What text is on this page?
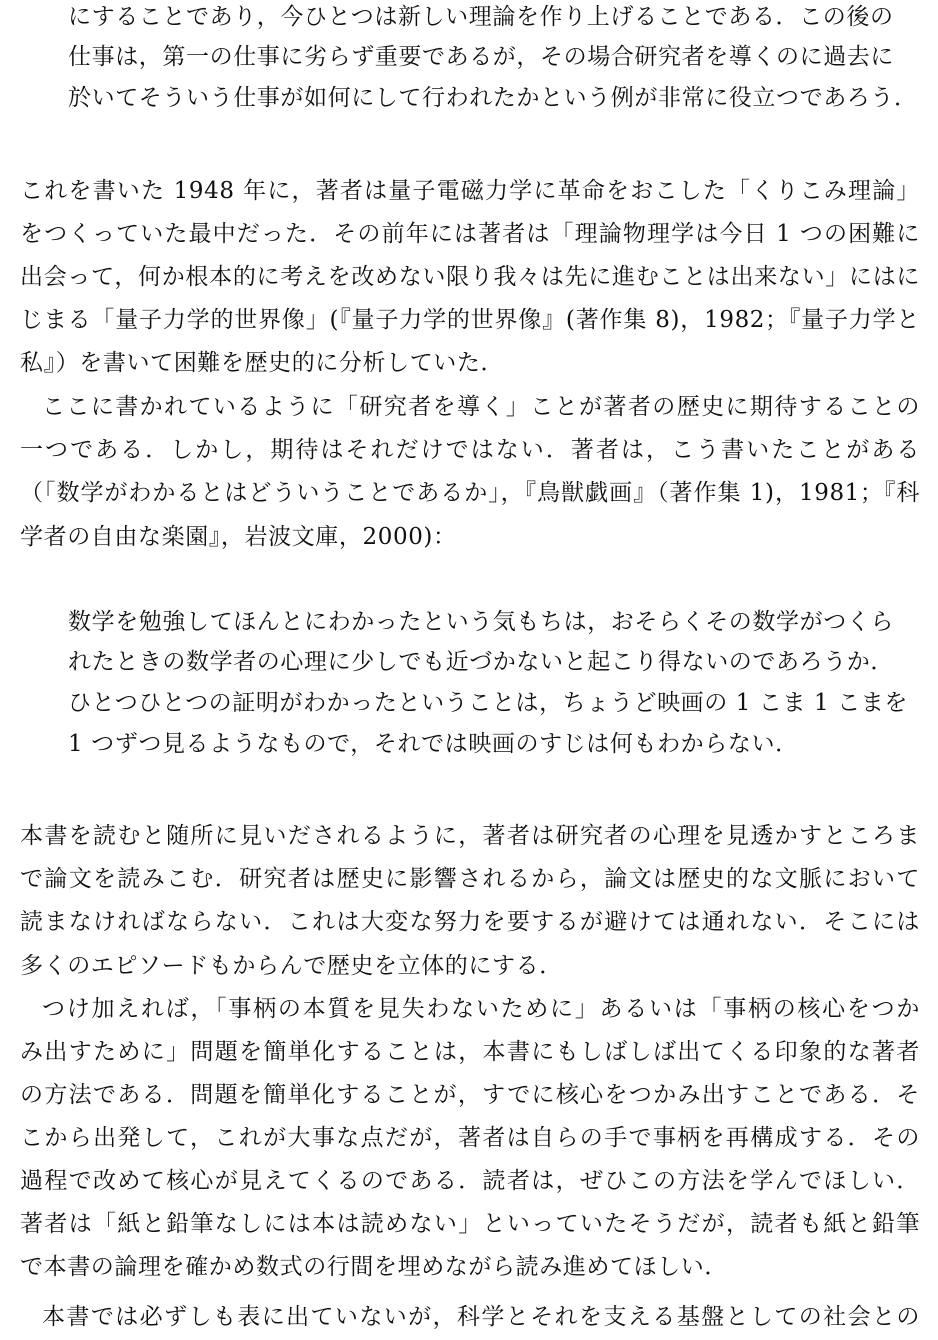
にすることであり，今ひとつは新しい理論を作り上げることである．この後の
仕事は，第一の仕事に劣らず重要であるが，その場合研究者を導くのに過去に
於いてそういう仕事が如何にして行われたかという例が非常に役立つであろう．
これを書いた 1948 年に，著者は量子電磁力学に革命をおこした「くりこみ理論」
をつくっていた最中だった．その前年には著者は「理論物理学は今日 1 つの困難に
出会って，何か根本的に考えを改めない限り我々は先に進むことは出来ない」にはに
じまる「量子力学的世界像」(『量子力学的世界像』(著作集 8)，1982；『量子力学と
私』）を書いて困難を歴史的に分析していた．
ここに書かれているように「研究者を導く」ことが著者の歴史に期待することの
一つである．しかし，期待はそれだけではない．著者は，こう書いたことがある
（「数学がわかるとはどういうことであるか」，『鳥獣戯画』（著作集 1)，1981；『科
学者の自由な楽園』，岩波文庫，2000)：
数学を勉強してほんとにわかったという気もちは，おそらくその数学がつくら
れたときの数学者の心理に少しでも近づかないと起こり得ないのであろうか．
ひとつひとつの証明がわかったということは，ちょうど映画の 1 こま 1 こまを
1 つずつ見るようなもので，それでは映画のすじは何もわからない．
本書を読むと随所に見いだされるように，著者は研究者の心理を見透かすところま
で論文を読みこむ．研究者は歴史に影響されるから，論文は歴史的な文脈において
読まなければならない．これは大変な努力を要するが避けては通れない．そこには
多くのエピソードもからんで歴史を立体的にする．
つけ加えれば，「事柄の本質を見失わないために」あるいは「事柄の核心をつか
み出すために」問題を簡単化することは，本書にもしばしば出てくる印象的な著者
の方法である．問題を簡単化することが，すでに核心をつかみ出すことである．そ
こから出発して，これが大事な点だが，著者は自らの手で事柄を再構成する．その
過程で改めて核心が見えてくるのである．読者は，ぜひこの方法を学んでほしい．
著者は「紙と鉛筆なしには本は読めない」といっていたそうだが，読者も紙と鉛筆
で本書の論理を確かめ数式の行間を埋めながら読み進めてほしい．
本書では必ずしも表に出ていないが，科学とそれを支える基盤としての社会との
